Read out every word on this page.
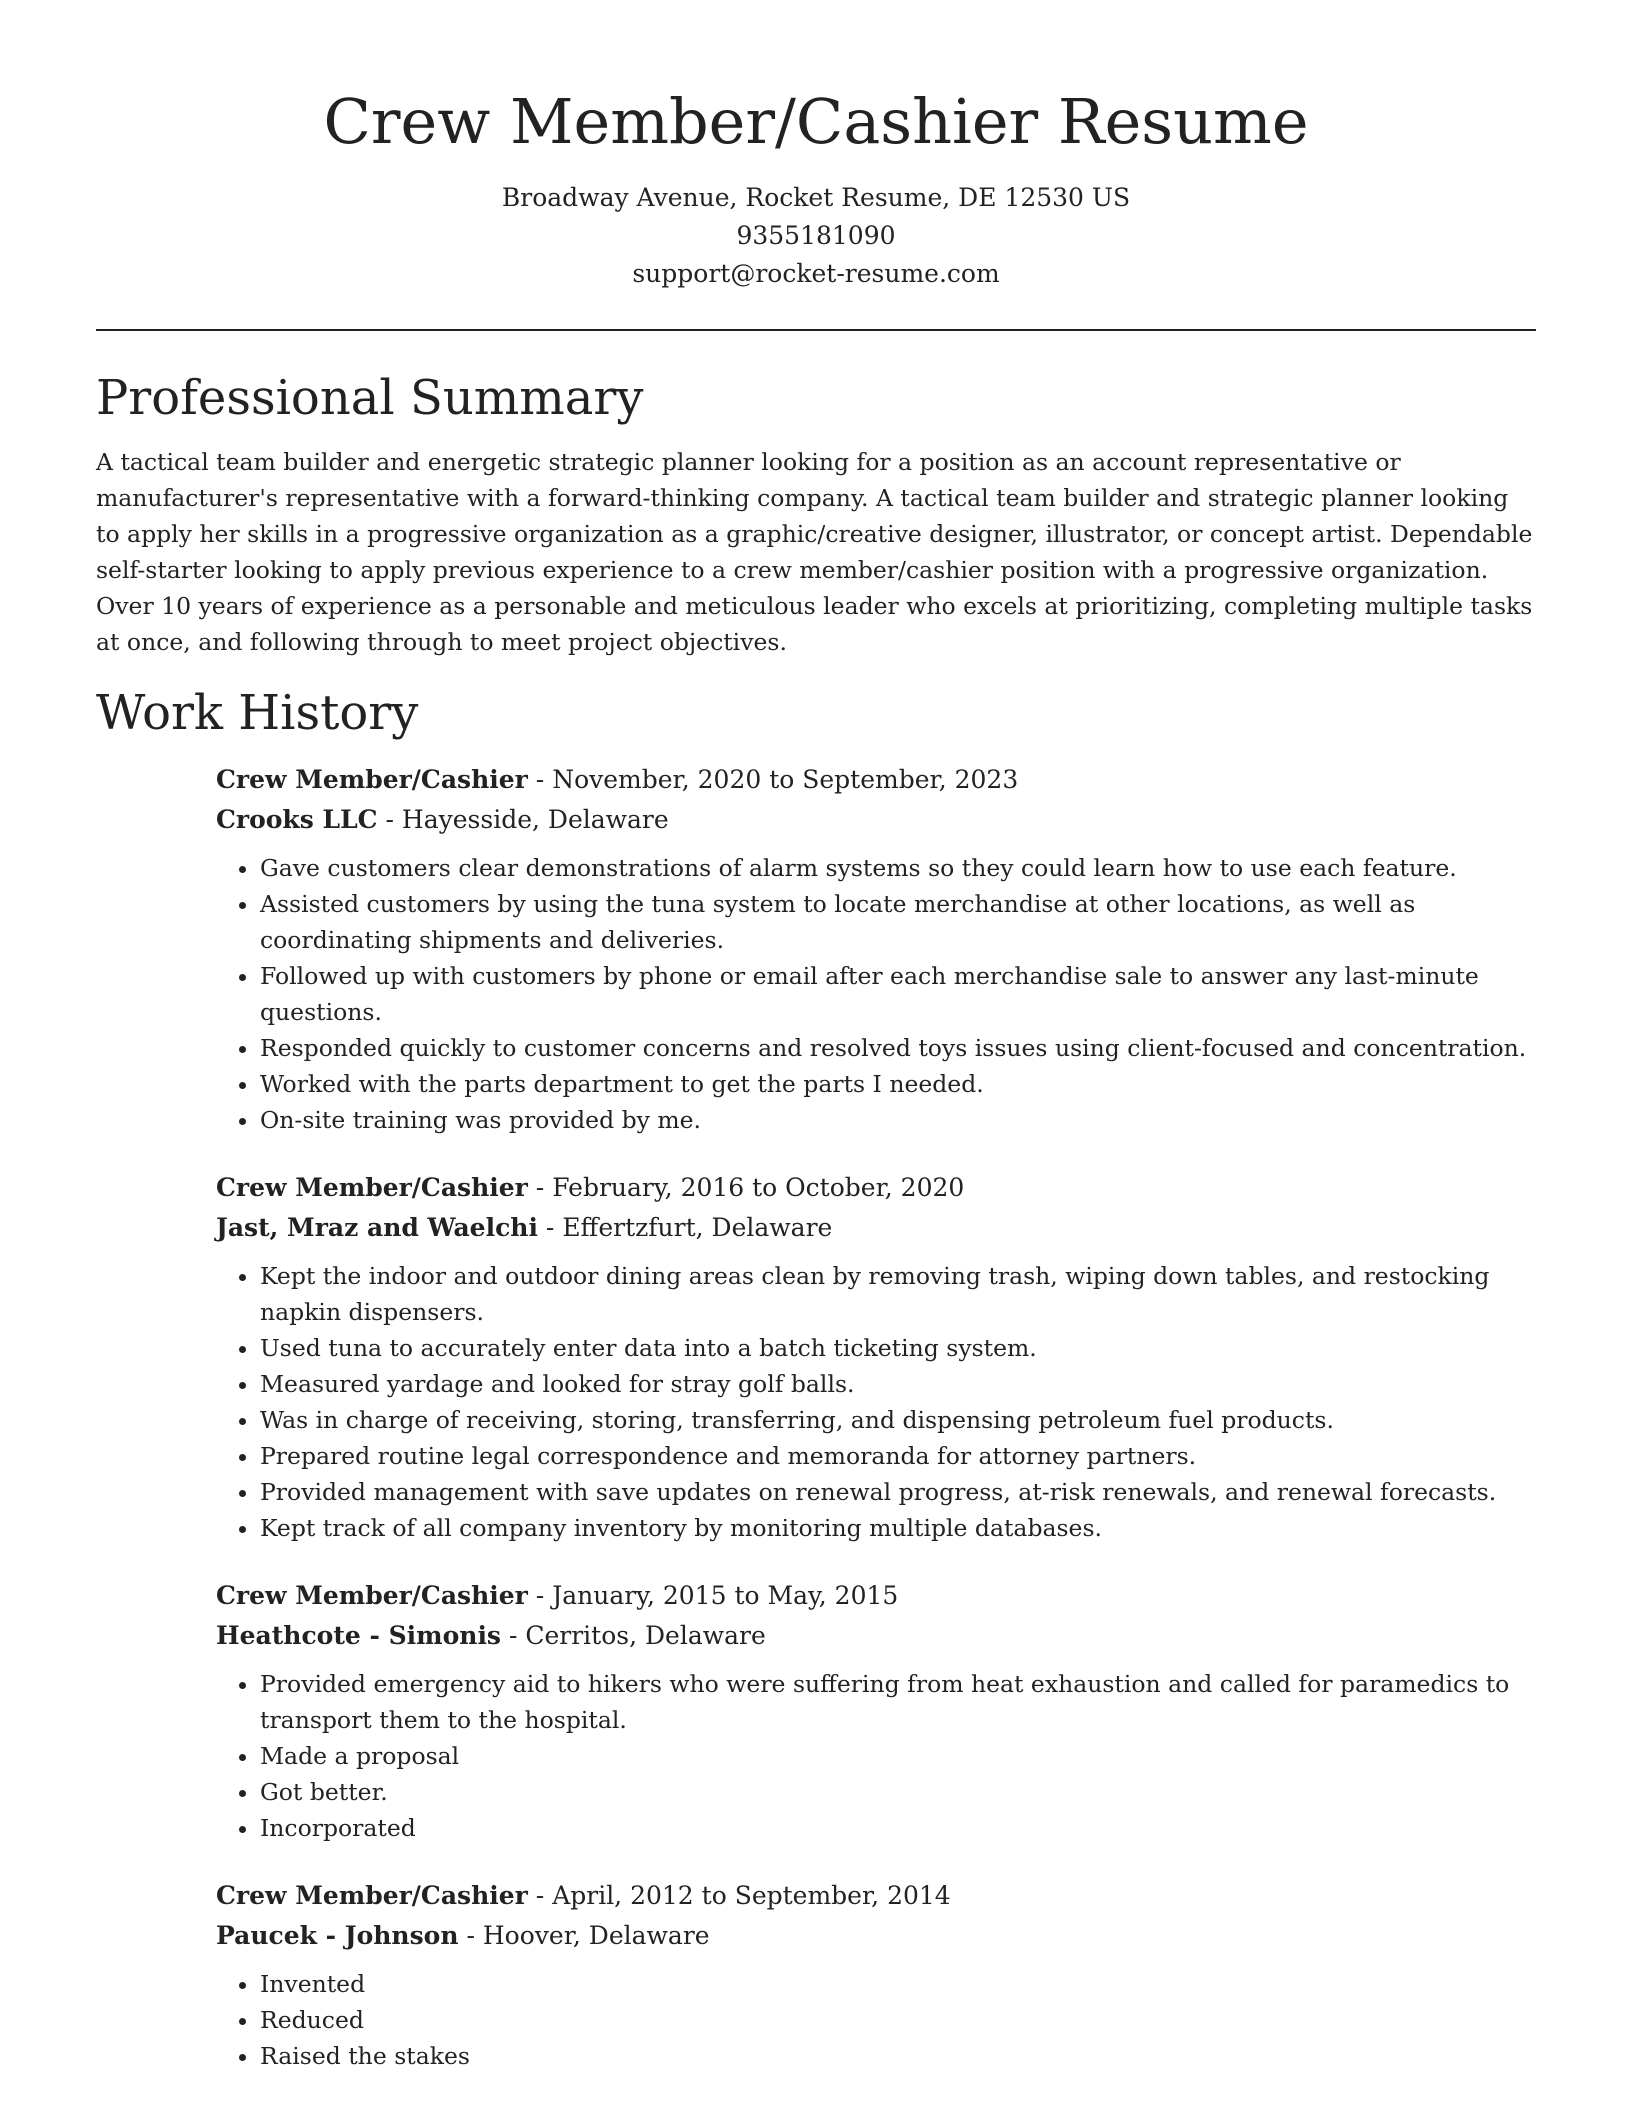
Crew Member/Cashier Resume
Broadway Avenue, Rocket Resume, DE 12530 US
9355181090
support@rocket-resume.com
Professional Summary

A tactical team builder and energetic strategic planner looking for a position as an account representative or manufacturer's representative with a forward-thinking company. A tactical team builder and strategic planner looking to apply her skills in a progressive organization as a graphic/creative designer, illustrator, or concept artist. Dependable self-starter looking to apply previous experience to a crew member/cashier position with a progressive organization. Over 10 years of experience as a personable and meticulous leader who excels at prioritizing, completing multiple tasks at once, and following through to meet project objectives.

Work History
Crew Member/Cashier - November, 2020 to September, 2023
Crooks LLC - Hayesside, Delaware
• Gave customers clear demonstrations of alarm systems so they could learn how to use each feature.
• Assisted customers by using the tuna system to locate merchandise at other locations, as well as coordinating shipments and deliveries.
• Followed up with customers by phone or email after each merchandise sale to answer any last-minute questions.
• Responded quickly to customer concerns and resolved toys issues using client-focused and concentration.
• Worked with the parts department to get the parts I needed.
• On-site training was provided by me.
Crew Member/Cashier - February, 2016 to October, 2020
Jast, Mraz and Waelchi - Effertzfurt, Delaware
• Kept the indoor and outdoor dining areas clean by removing trash, wiping down tables, and restocking napkin dispensers.
• Used tuna to accurately enter data into a batch ticketing system.
• Measured yardage and looked for stray golf balls.
• Was in charge of receiving, storing, transferring, and dispensing petroleum fuel products.
• Prepared routine legal correspondence and memoranda for attorney partners.
• Provided management with save updates on renewal progress, at-risk renewals, and renewal forecasts.
• Kept track of all company inventory by monitoring multiple databases.
Crew Member/Cashier - January, 2015 to May, 2015
Heathcote - Simonis - Cerritos, Delaware
• Provided emergency aid to hikers who were suffering from heat exhaustion and called for paramedics to transport them to the hospital.
• Made a proposal
• Got better.
• Incorporated
Crew Member/Cashier - April, 2012 to September, 2014
Paucek - Johnson - Hoover, Delaware
• Invented
• Reduced
• Raised the stakes
